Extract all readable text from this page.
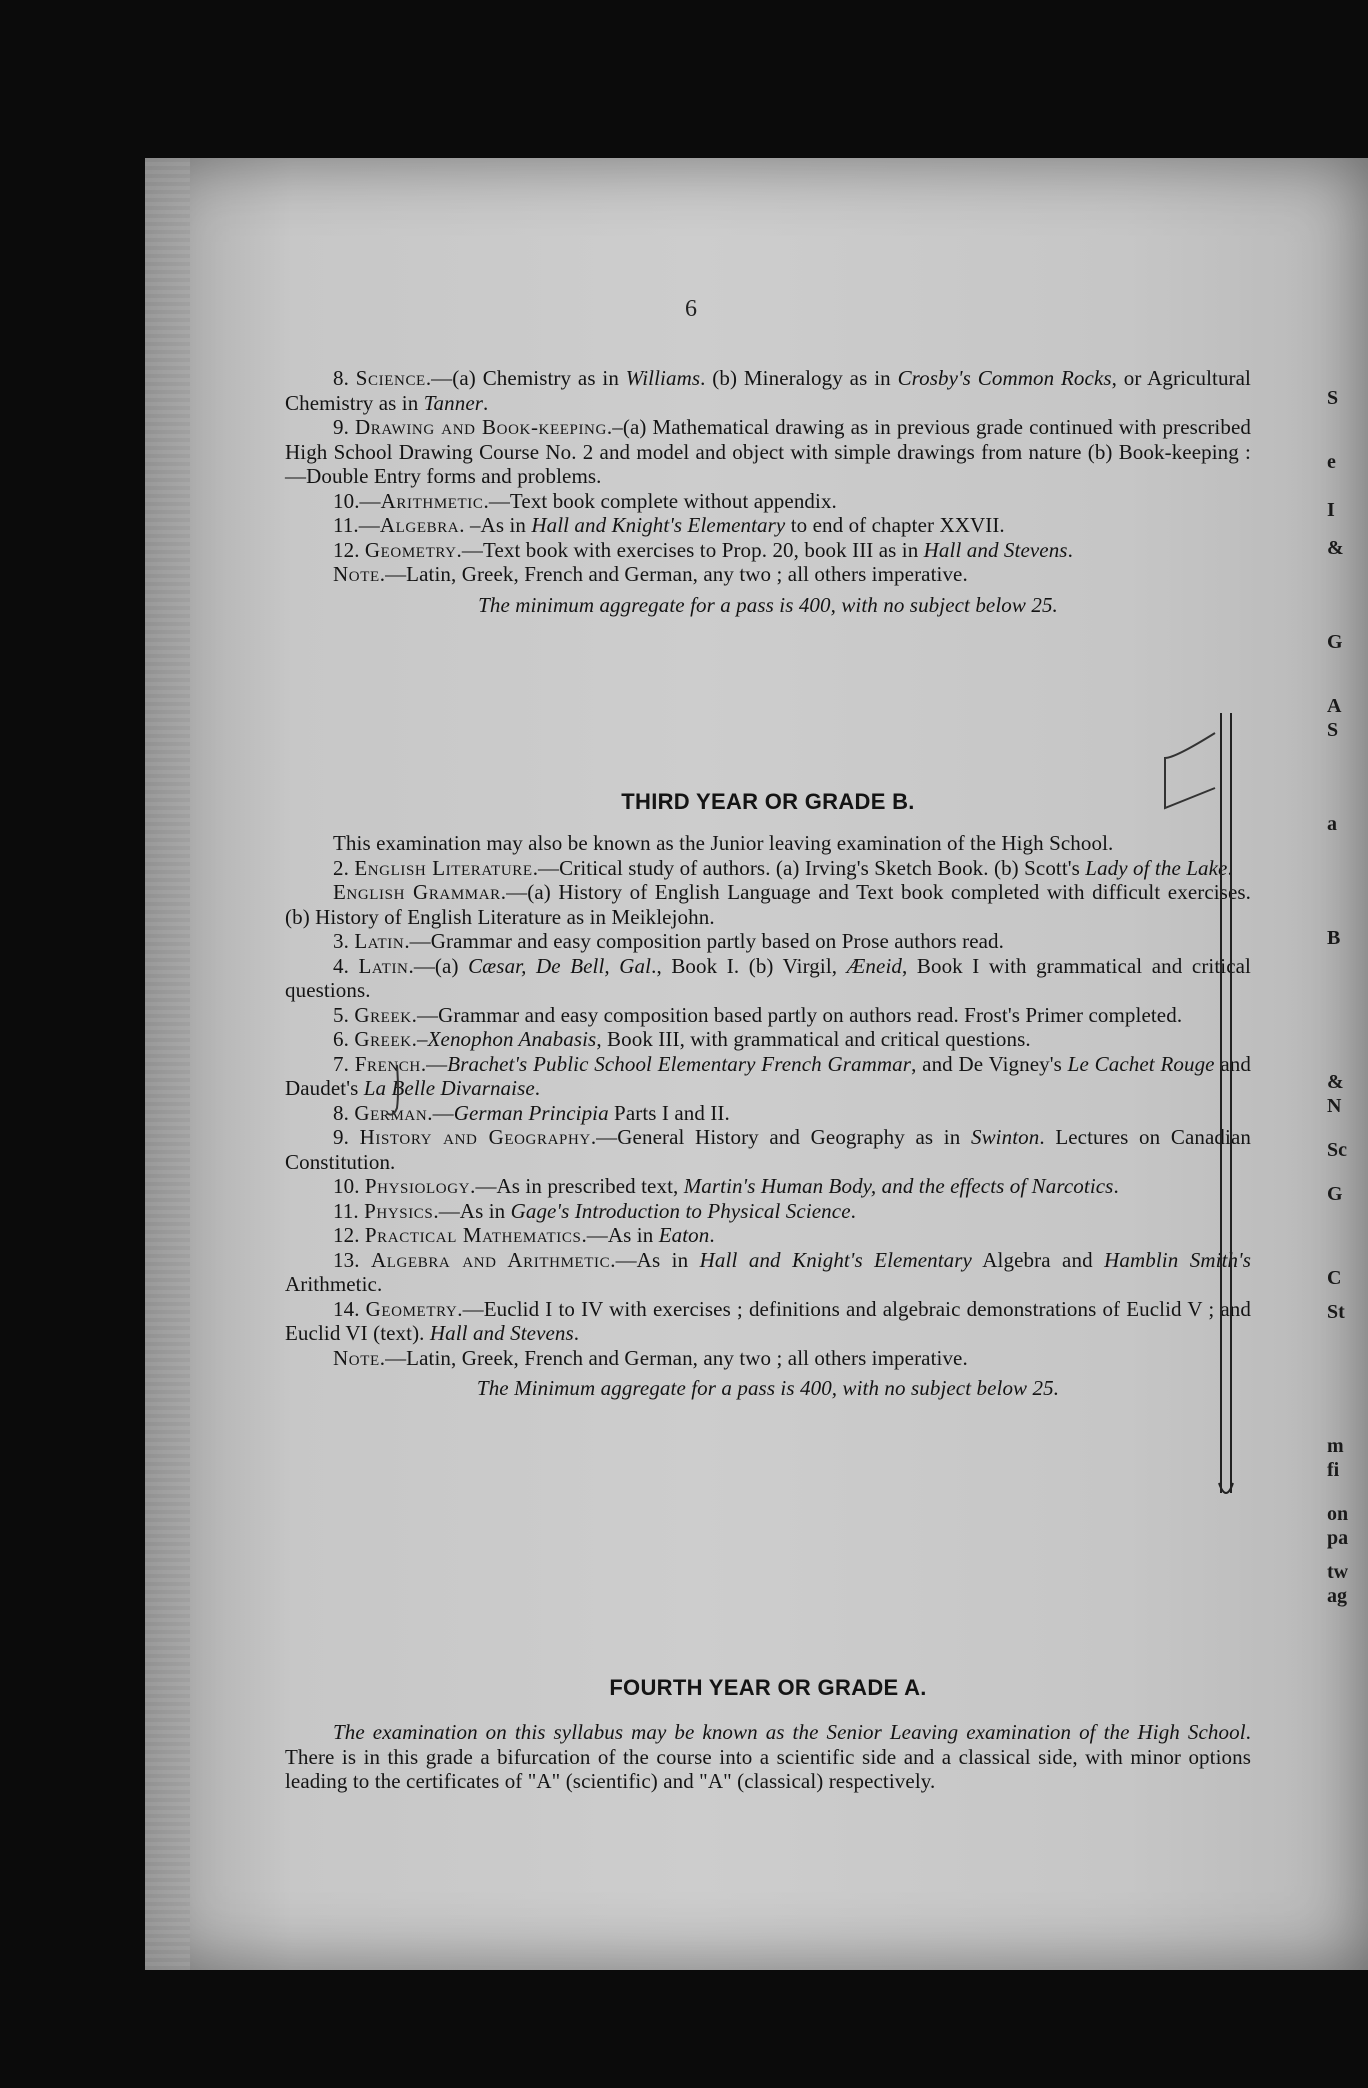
6

8. Science.—(a) Chemistry as in Williams. (b) Mineralogy as in Crosby's Common Rocks, or Agricultural Chemistry as in Tanner.

9. Drawing and Book-keeping.–(a) Mathematical drawing as in previous grade continued with prescribed High School Drawing Course No. 2 and model and object with simple drawings from nature (b) Book-keeping :—Double Entry forms and problems.

10.—Arithmetic.—Text book complete without appendix.

11.—Algebra. –As in Hall and Knight's Elementary to end of chapter XXVII.

12. Geometry.—Text book with exercises to Prop. 20, book III as in Hall and Stevens.

Note.—Latin, Greek, French and German, any two ; all others imperative.

The minimum aggregate for a pass is 400, with no subject below 25.

THIRD YEAR OR GRADE B.

This examination may also be known as the Junior leaving examination of the High School.

2. English Literature.—Critical study of authors. (a) Irving's Sketch Book. (b) Scott's Lady of the Lake.

English Grammar.—(a) History of English Language and Text book completed with difficult exercises. (b) History of English Literature as in Meiklejohn.

3. Latin.—Grammar and easy composition partly based on Prose authors read.

4. Latin.—(a) Cæsar, De Bell, Gal., Book I. (b) Virgil, Æneid, Book I with grammatical and critical questions.

5. Greek.—Grammar and easy composition based partly on authors read. Frost's Primer completed.

6. Greek.–Xenophon Anabasis, Book III, with grammatical and critical questions.

7. French.—Brachet's Public School Elementary French Grammar, and De Vigney's Le Cachet Rouge and Daudet's La Belle Divarnaise.

8. German.—German Principia Parts I and II.

9. History and Geography.—General History and Geography as in Swinton. Lectures on Canadian Constitution.

10. Physiology.—As in prescribed text, Martin's Human Body, and the effects of Narcotics.

11. Physics.—As in Gage's Introduction to Physical Science.

12. Practical Mathematics.—As in Eaton.

13. Algebra and Arithmetic.—As in Hall and Knight's Elementary Algebra and Hamblin Smith's Arithmetic.

14. Geometry.—Euclid I to IV with exercises ; definitions and algebraic demonstrations of Euclid V ; and Euclid VI (text). Hall and Stevens.

Note.—Latin, Greek, French and German, any two ; all others imperative.

The Minimum aggregate for a pass is 400, with no subject below 25.

FOURTH YEAR OR GRADE A.

The examination on this syllabus may be known as the Senior Leaving examination of the High School. There is in this grade a bifurcation of the course into a scientific side and a classical side, with minor options leading to the certificates of "A" (scientific) and "A" (classical) respectively.

S
e
I
&
G
A
S
a
B
&
N
Sc
G
C
St
m
fi
on
pa
tw
ag
